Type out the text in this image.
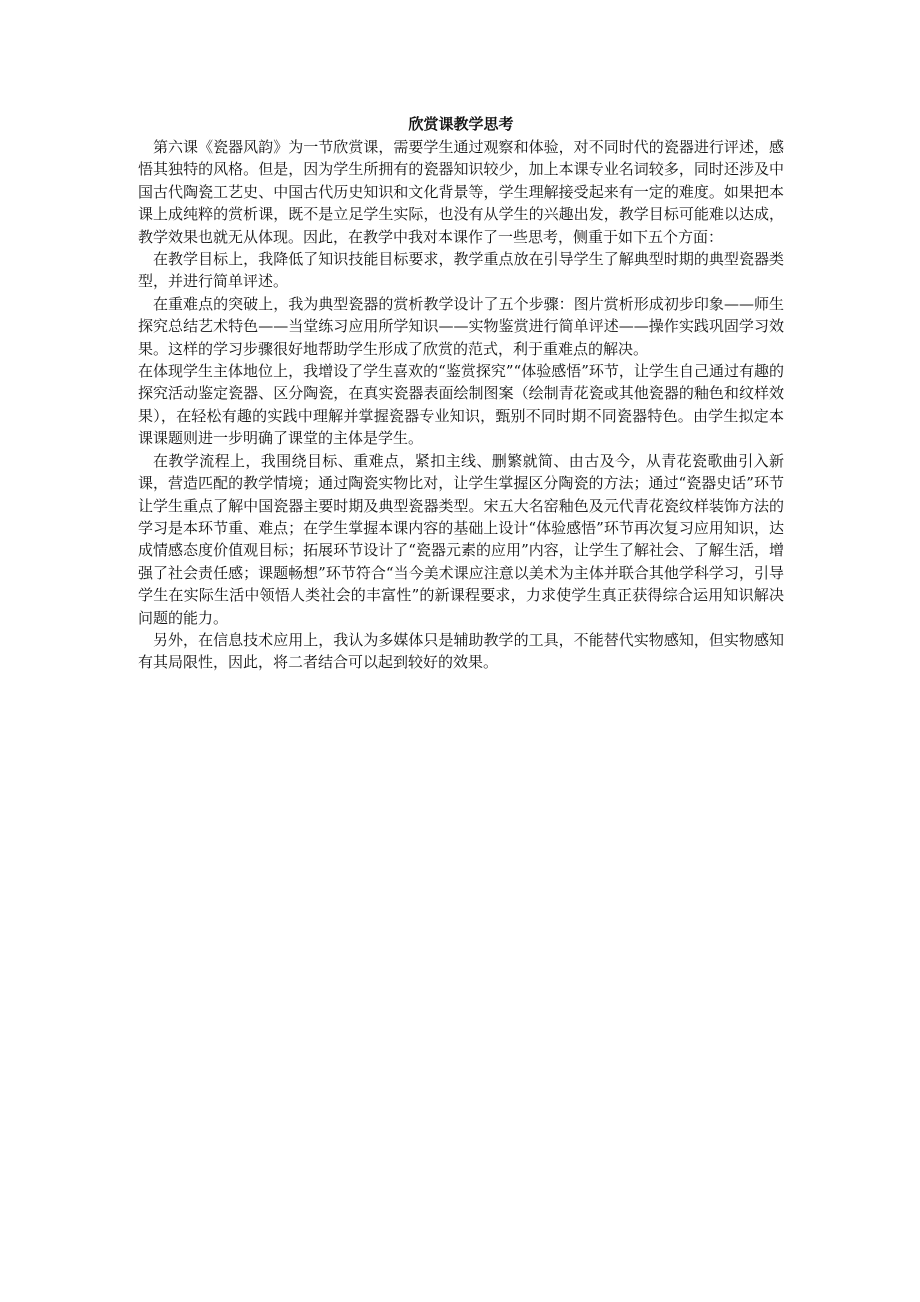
欣赏课教学思考

第六课《瓷器风韵》为一节欣赏课，需要学生通过观察和体验，对不同时代的瓷器进行评述，感悟其独特的风格。但是，因为学生所拥有的瓷器知识较少，加上本课专业名词较多，同时还涉及中国古代陶瓷工艺史、中国古代历史知识和文化背景等，学生理解接受起来有一定的难度。如果把本课上成纯粹的赏析课，既不是立足学生实际，也没有从学生的兴趣出发，教学目标可能难以达成，教学效果也就无从体现。因此，在教学中我对本课作了一些思考，侧重于如下五个方面：

在教学目标上，我降低了知识技能目标要求，教学重点放在引导学生了解典型时期的典型瓷器类型，并进行简单评述。

在重难点的突破上，我为典型瓷器的赏析教学设计了五个步骤：图片赏析形成初步印象——师生探究总结艺术特色——当堂练习应用所学知识——实物鉴赏进行简单评述——操作实践巩固学习效果。这样的学习步骤很好地帮助学生形成了欣赏的范式，利于重难点的解决。

在体现学生主体地位上，我增设了学生喜欢的“鉴赏探究”“体验感悟”环节，让学生自己通过有趣的探究活动鉴定瓷器、区分陶瓷，在真实瓷器表面绘制图案（绘制青花瓷或其他瓷器的釉色和纹样效果），在轻松有趣的实践中理解并掌握瓷器专业知识，甄别不同时期不同瓷器特色。由学生拟定本课课题则进一步明确了课堂的主体是学生。

在教学流程上，我围绕目标、重难点，紧扣主线、删繁就简、由古及今，从青花瓷歌曲引入新课，营造匹配的教学情境；通过陶瓷实物比对，让学生掌握区分陶瓷的方法；通过“瓷器史话”环节让学生重点了解中国瓷器主要时期及典型瓷器类型。宋五大名窑釉色及元代青花瓷纹样装饰方法的学习是本环节重、难点；在学生掌握本课内容的基础上设计“体验感悟”环节再次复习应用知识，达成情感态度价值观目标；拓展环节设计了“瓷器元素的应用”内容，让学生了解社会、了解生活，增强了社会责任感；课题畅想”环节符合“当今美术课应注意以美术为主体并联合其他学科学习，引导学生在实际生活中领悟人类社会的丰富性”的新课程要求，力求使学生真正获得综合运用知识解决问题的能力。

另外，在信息技术应用上，我认为多媒体只是辅助教学的工具，不能替代实物感知，但实物感知有其局限性，因此，将二者结合可以起到较好的效果。
